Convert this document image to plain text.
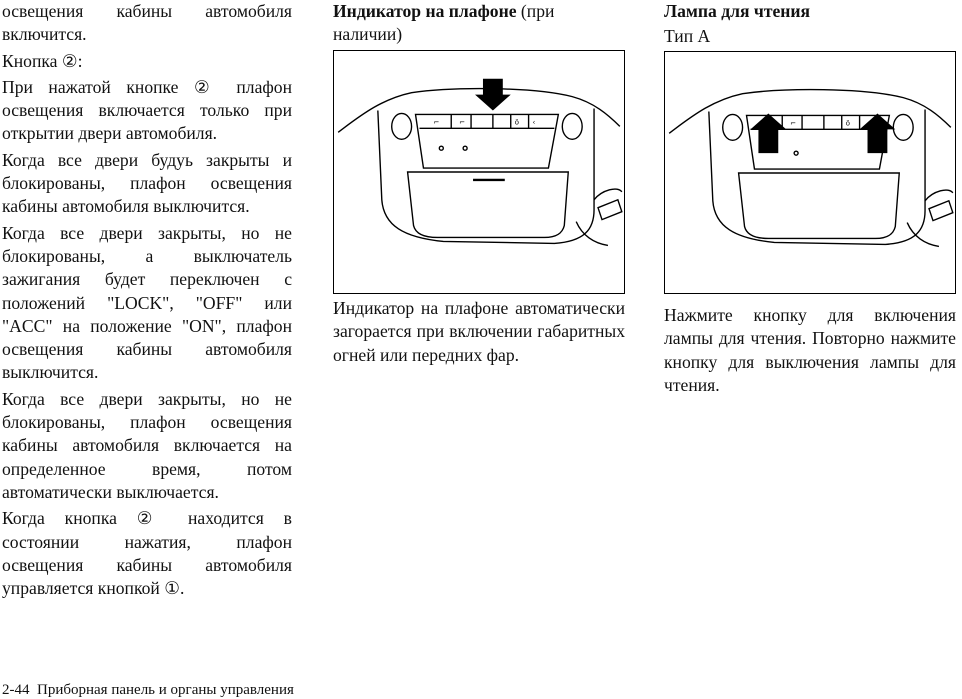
освещения кабины автомобиля включится.

Кнопка ②:

При нажатой кнопке ② плафон освещения включается только при открытии двери автомобиля.

Когда все двери будуь закрыты и блокированы, плафон освещения кабины автомобиля выключится.

Когда все двери закрыты, но не блокированы, а выключатель зажигания будет переключен с положений "LOCK", "OFF" или "ACC" на положение "ON", плафон освещения кабины автомобиля выключится.

Когда все двери закрыты, но не блокированы, плафон освещения кабины автомобиля включается на определенное время, потом автоматически выключается.

Когда кнопка ② находится в состоянии нажатия, плафон освещения кабины автомобиля управляется кнопкой ①.

Индикатор на плафоне (при наличии)
⌐	⌐	ö ‹

Индикатор на плафоне автоматически загорается при включении габаритных огней или передних фар.

Лампа для чтения

Тип А

⌐	ö

Нажмите кнопку для включения лампы для чтения. Повторно нажмите кнопку для выключения лампы для чтения.

2-44 Приборная панель и органы управления
